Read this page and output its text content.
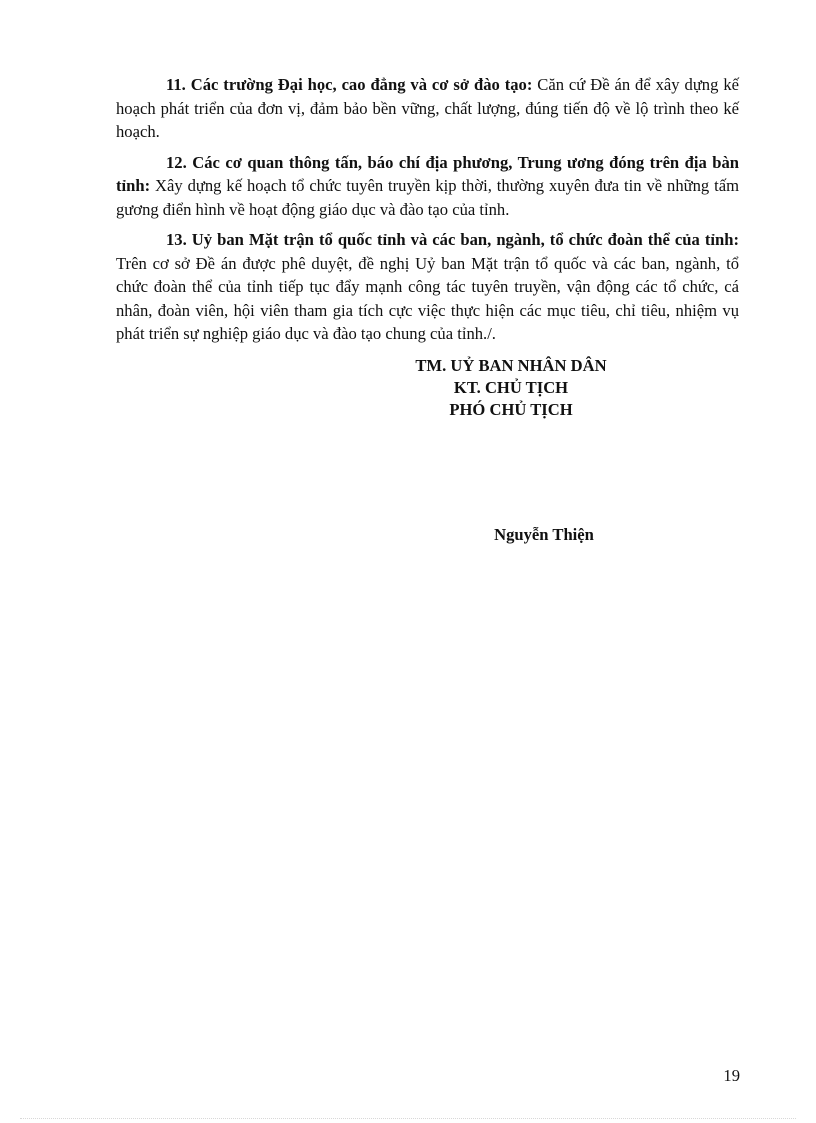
11. Các trường Đại học, cao đẳng và cơ sở đào tạo: Căn cứ Đề án để xây dựng kế hoạch phát triển của đơn vị, đảm bảo bền vững, chất lượng, đúng tiến độ về lộ trình theo kế hoạch.

12. Các cơ quan thông tấn, báo chí địa phương, Trung ương đóng trên địa bàn tỉnh: Xây dựng kế hoạch tổ chức tuyên truyền kịp thời, thường xuyên đưa tin về những tấm gương điển hình về hoạt động giáo dục và đào tạo của tỉnh.

13. Uỷ ban Mặt trận tổ quốc tỉnh và các ban, ngành, tổ chức đoàn thể của tỉnh: Trên cơ sở Đề án được phê duyệt, đề nghị Uỷ ban Mặt trận tổ quốc và các ban, ngành, tổ chức đoàn thể của tỉnh tiếp tục đẩy mạnh công tác tuyên truyền, vận động các tổ chức, cá nhân, đoàn viên, hội viên tham gia tích cực việc thực hiện các mục tiêu, chỉ tiêu, nhiệm vụ phát triển sự nghiệp giáo dục và đào tạo chung của tỉnh./.

TM. UỶ BAN NHÂN DÂN
KT. CHỦ TỊCH
PHÓ CHỦ TỊCH
Nguyễn Thiện
19
